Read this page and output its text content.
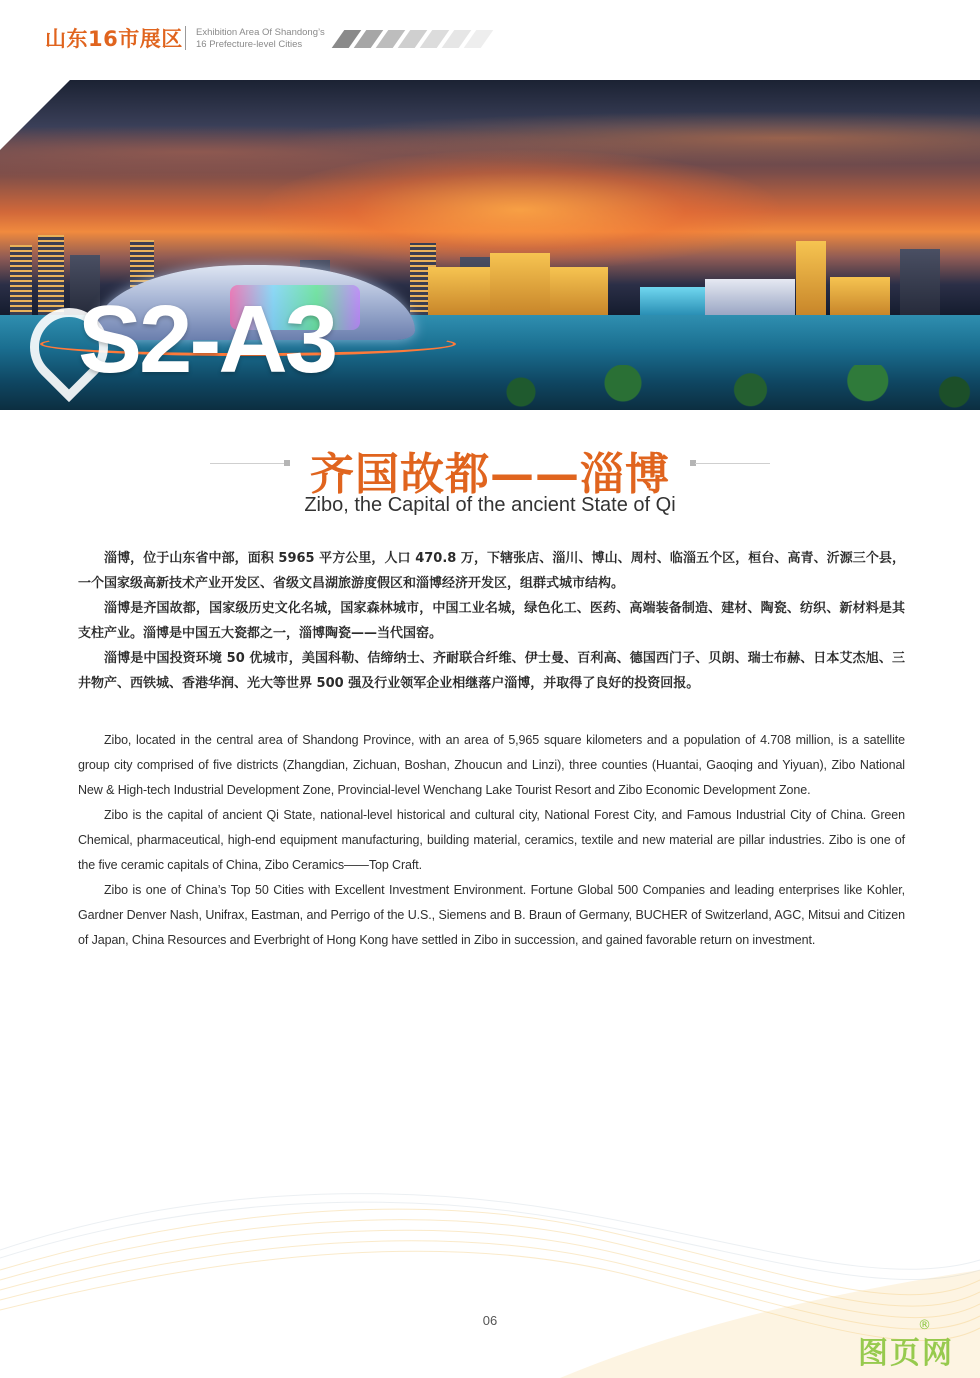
山东16市展区 Exhibition Area Of Shandong’s
16 Prefecture-level Cities
S2-A3
齐国故都——淄博
Zibo, the Capital of the ancient State of Qi

淄博，位于山东省中部，面积 5965 平方公里，人口 470.8 万，下辖张店、淄川、博山、周村、临淄五个区，桓台、高青、沂源三个县，一个国家级高新技术产业开发区、省级文昌湖旅游度假区和淄博经济开发区，组群式城市结构。

淄博是齐国故都，国家级历史文化名城，国家森林城市，中国工业名城，绿色化工、医药、高端装备制造、建材、陶瓷、纺织、新材料是其支柱产业。淄博是中国五大瓷都之一，淄博陶瓷——当代国窑。

淄博是中国投资环境 50 优城市，美国科勒、佶缔纳士、齐耐联合纤维、伊士曼、百利高、德国西门子、贝朗、瑞士布赫、日本艾杰旭、三井物产、西铁城、香港华润、光大等世界 500 强及行业领军企业相继落户淄博，并取得了良好的投资回报。

Zibo, located in the central area of Shandong Province, with an area of 5,965 square kilometers and a population of 4.708 million, is a satellite group city comprised of five districts (Zhangdian, Zichuan, Boshan, Zhoucun and Linzi), three counties (Huantai, Gaoqing and Yiyuan), Zibo National New & High-tech Industrial Development Zone, Provincial-level Wenchang Lake Tourist Resort and Zibo Economic Development Zone.

Zibo is the capital of ancient Qi State, national-level historical and cultural city, National Forest City, and Famous Industrial City of China. Green Chemical, pharmaceutical, high-end equipment manufacturing, building material, ceramics, textile and new material are pillar industries. Zibo is one of the five ceramic capitals of China, Zibo Ceramics——Top Craft.

Zibo is one of China’s Top 50 Cities with Excellent Investment Environment. Fortune Global 500 Companies and leading enterprises like Kohler, Gardner Denver Nash, Unifrax, Eastman, and Perrigo of the U.S., Siemens and B. Braun of Germany, BUCHER of Switzerland, AGC, Mitsui and Citizen of Japan, China Resources and Everbright of Hong Kong have settled in Zibo in succession, and gained favorable return on investment.

06
图页网
®
